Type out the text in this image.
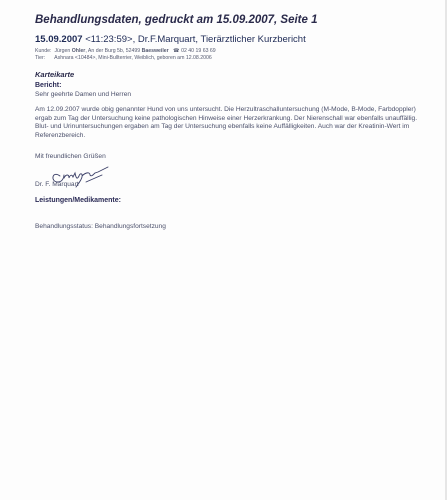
Behandlungsdaten, gedruckt am 15.09.2007, Seite 1
15.09.2007 <11:23:59>, Dr.F.Marquart, Tierärztlicher Kurzbericht
Kunde: Jürgen Ohler, An der Burg 5b, 52499 Baesweiler ☎ 02 40 19 63 69
Tier: Ashnara <10484>, Mini-Bullterrier, Weiblich, geboren am 12.08.2006
Karteikarte
Bericht:
Sehr geehrte Damen und Herren
Am 12.09.2007 wurde obig genannter Hund von uns untersucht. Die Herzultraschalluntersuchung (M-Mode, B-Mode, Farbdoppler) ergab zum Tag der Untersuchung keine pathologischen Hinweise einer Herzerkrankung. Der Nierenschall war ebenfalls unauffällig. Blut- und Urinuntersuchungen ergaben am Tag der Untersuchung ebenfalls keine Auffälligkeiten. Auch war der Kreatinin-Wert im Referenzbereich.
Mit freundlichen Grüßen
Dr. F. Marquart
Leistungen/Medikamente:
Behandlungsstatus: Behandlungsfortsetzung
